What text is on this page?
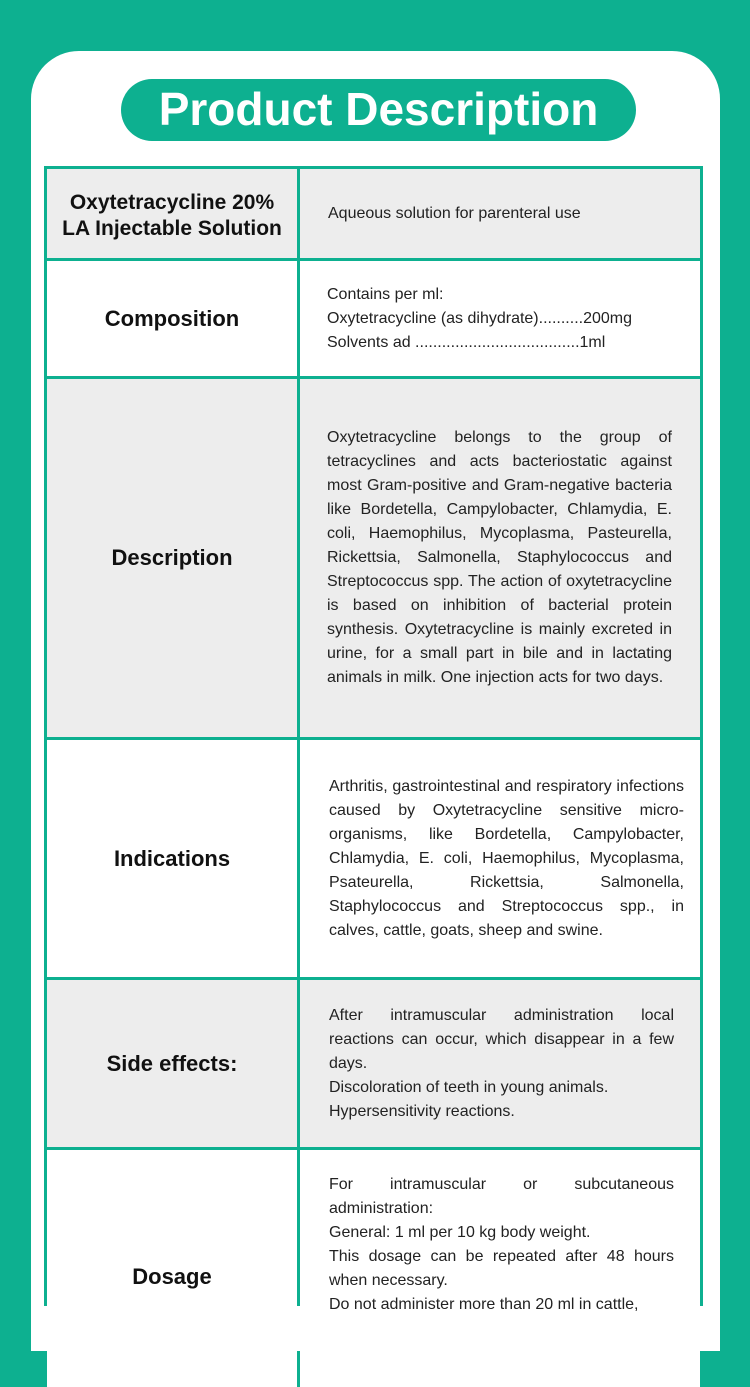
Product Description
Oxytetracycline 20%
LA Injectable Solution
Aqueous solution for parenteral use
Composition

Contains per ml:

Oxytetracycline (as dihydrate)..........200mg

Solvents ad .....................................1ml

Description
Oxytetracycline belongs to the group of tetracyclines and acts bacteriostatic against most Gram-positive and Gram-negative bacteria like Bordetella, Campylobacter, Chlamydia, E. coli, Haemophilus, Mycoplasma, Pasteurella, Rickettsia, Salmonella, Staphylococcus and Streptococcus spp. The action of oxytetracycline is based on inhibition of bacterial protein synthesis. Oxytetracycline is mainly excreted in urine, for a small part in bile and in lactating animals in milk. One injection acts for two days.
Indications
Arthritis, gastrointestinal and respiratory infections caused by Oxytetracycline sensitive micro-organisms, like Bordetella, Campylobacter, Chlamydia, E. coli, Haemophilus, Mycoplasma, Psateurella, Rickettsia, Salmonella, Staphylococcus and Streptococcus spp., in calves, cattle, goats, sheep and swine.
Side effects:

After intramuscular administration local reactions can occur, which disappear in a few days.

Discoloration of teeth in young animals.

Hypersensitivity reactions.

Dosage

For intramuscular or subcutaneous administration:

General: 1 ml per 10 kg body weight.

This dosage can be repeated after 48 hours when necessary.

Do not administer more than 20 ml in cattle,
